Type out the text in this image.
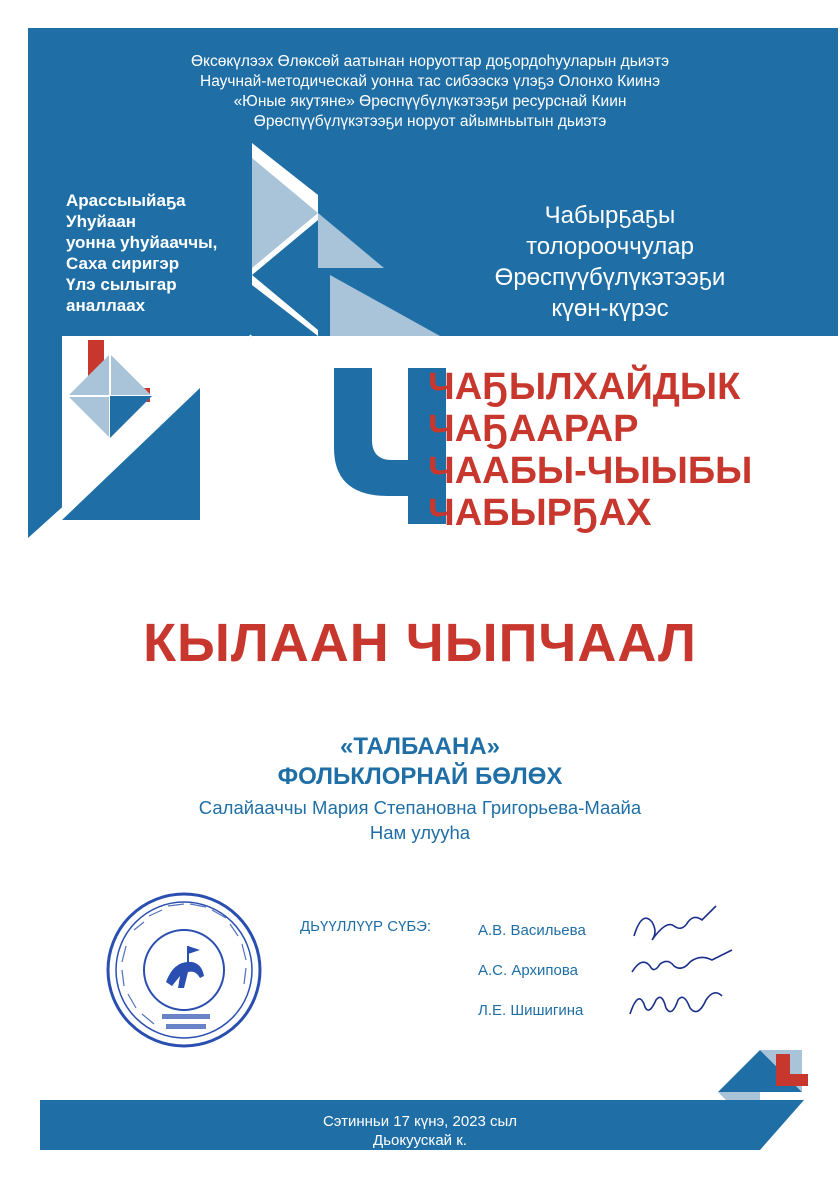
Өксөкүлээх Өлөксөй аатынан норуоттар доҕордоһууларын дьиэтэ
Научнай-методическай уонна тас сибээскэ үлэҕэ Олонхо Киинэ
«Юные якутяне» Өрөспүүбүлүкэтээҕи ресурснай Киин
Өрөспүүбүлүкэтээҕи норуот айымньытын дьиэтэ
Арассыыйаҕа
Уһуйаан
уонна уһуйааччы,
Саха сиригэр
Үлэ сылыгар
аналлаах
Чабырҕаҕы
толорооччулар
Өрөспүүбүлүкэтээҕи
күөн-күрэс
ЧАҔЫЛХАЙДЫК
ЧАҔААРАР
ЧААБЫ-ЧЫЫБЫ
ЧАБЫРҔАХ
КЫЛААН ЧЫПЧААЛ
«ТАЛБААНА»
ФОЛЬКЛОРНАЙ БӨЛӨХ
Салайааччы Мария Степановна Григорьева-Маайа
Нам улууһа
ДЬҮҮЛЛҮҮР СҮБЭ:	А.В. Васильева
А.С. Архипова
Л.Е. Шишигина
Сэтинньи 17 күнэ, 2023 сыл
Дьокуускай к.
